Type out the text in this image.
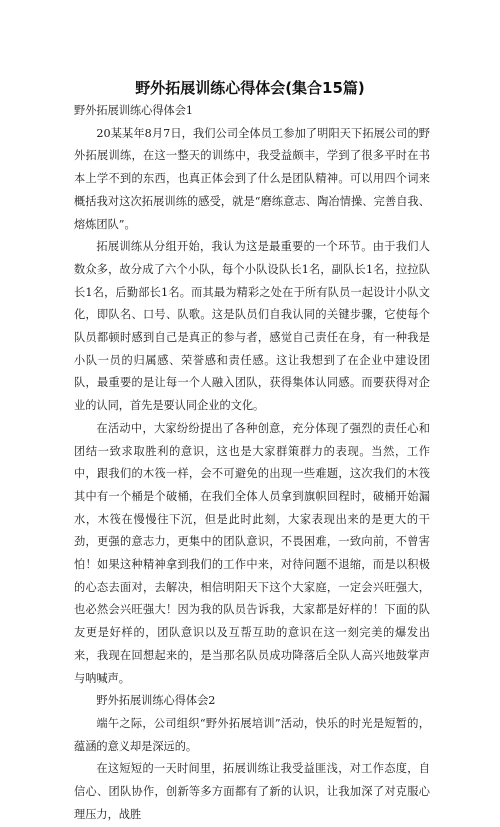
野外拓展训练心得体会(集合15篇)

野外拓展训练心得体会1

20某某年8月7日，我们公司全体员工参加了明阳天下拓展公司的野外拓展训练，在这一整天的训练中，我受益颇丰，学到了很多平时在书本上学不到的东西，也真正体会到了什么是团队精神。可以用四个词来概括我对这次拓展训练的感受，就是“磨练意志、陶冶情操、完善自我、熔炼团队”。

拓展训练从分组开始，我认为这是最重要的一个环节。由于我们人数众多，故分成了六个小队，每个小队设队长1名，副队长1名，拉拉队长1名，后勤部长1名。而其最为精彩之处在于所有队员一起设计小队文化，即队名、口号、队歌。这是队员们自我认同的关键步骤，它使每个队员都顿时感到自己是真正的参与者，感觉自己责任在身，有一种我是小队一员的归属感、荣誉感和责任感。这让我想到了在企业中建设团队，最重要的是让每一个人融入团队，获得集体认同感。而要获得对企业的认同，首先是要认同企业的文化。

在活动中，大家纷纷提出了各种创意，充分体现了强烈的责任心和团结一致求取胜利的意识，这也是大家群策群力的表现。当然，工作中，跟我们的木筏一样，会不可避免的出现一些难题，这次我们的木筏其中有一个桶是个破桶，在我们全体人员拿到旗帜回程时，破桶开始漏水，木筏在慢慢往下沉，但是此时此刻，大家表现出来的是更大的干劲，更强的意志力，更集中的团队意识，不畏困难，一致向前，不曾害怕！如果这种精神拿到我们的工作中来，对待问题不退缩，而是以积极的心态去面对，去解决，相信明阳天下这个大家庭，一定会兴旺强大，也必然会兴旺强大！因为我的队员告诉我，大家都是好样的！下面的队友更是好样的，团队意识以及互帮互助的意识在这一刻完美的爆发出来，我现在回想起来的，是当那名队员成功降落后全队人高兴地鼓掌声与呐喊声。

野外拓展训练心得体会2

端午之际，公司组织“野外拓展培训”活动，快乐的时光是短暂的，蕴涵的意义却是深远的。

在这短短的一天时间里，拓展训练让我受益匪浅，对工作态度，自信心、团队协作，创新等多方面都有了新的认识，让我加深了对克服心理压力，战胜
